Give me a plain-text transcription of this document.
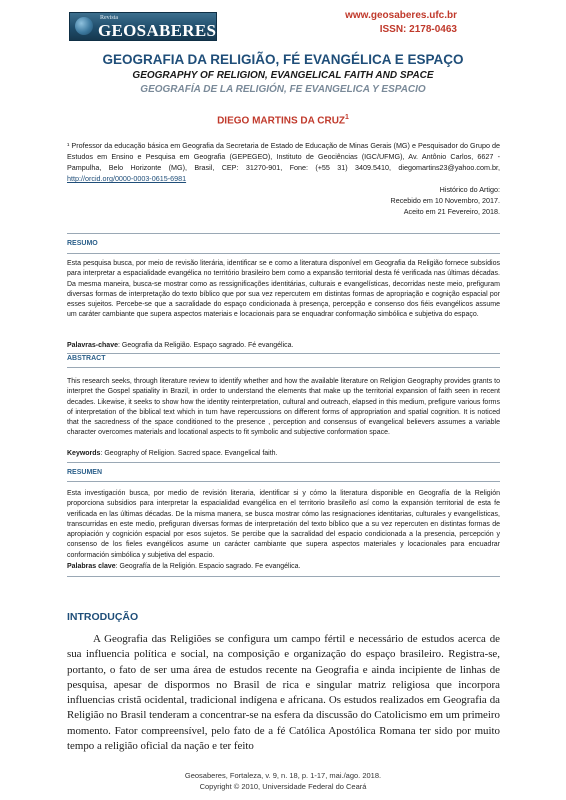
Revista
GEOSABERES
www.geosaberes.ufc.br
ISSN: 2178-0463
GEOGRAFIA DA RELIGIÃO, FÉ EVANGÉLICA E ESPAÇO
GEOGRAPHY OF RELIGION, EVANGELICAL FAITH AND SPACE
GEOGRAFÍA DE LA RELIGIÓN, FE EVANGELICA Y ESPACIO
DIEGO MARTINS DA CRUZ$^1$
¹ Professor da educação básica em Geografia da Secretaria de Estado de Educação de Minas Gerais (MG) e Pesquisador do Grupo de Estudos em Ensino e Pesquisa em Geografia (GEPEGEO), Instituto de Geociências (IGC/UFMG), Av. Antônio Carlos, 6627 - Pampulha, Belo Horizonte (MG), Brasil, CEP: 31270-901, Fone: (+55 31) 3409.5410, diegomartins23@yahoo.com.br, http://orcid.org/0000-0003-0615-6981
Histórico do Artigo:
Recebido em 10 Novembro, 2017.
Aceito em 21 Fevereiro, 2018.
RESUMO
Esta pesquisa busca, por meio de revisão literária, identificar se e como a literatura disponível em Geografia da Religião fornece subsídios para interpretar a espacialidade evangélica no território brasileiro bem como a expansão territorial desta fé verificada nas últimas décadas. Da mesma maneira, busca-se mostrar como as ressignificações identitárias, culturais e evangelísticas, decorridas neste meio, prefiguram diversas formas de interpretação do texto bíblico que por sua vez repercutem em distintas formas de apropriação e cognição espacial por esses sujeitos. Percebe-se que a sacralidade do espaço condicionada à presença, percepção e consenso dos fiéis evangélicos assume um caráter cambiante que supera aspectos materiais e locacionais para se enquadrar conformação simbólica e subjetiva do espaço.
Palavras-chave: Geografia da Religião. Espaço sagrado. Fé evangélica.
ABSTRACT
This research seeks, through literature review to identify whether and how the available literature on Religion Geography provides grants to interpret the Gospel spatiality in Brazil, in order to understand the elements that make up the territorial expansion of faith seen in recent decades. Likewise, it seeks to show how the identity reinterpretation, cultural and outreach, elapsed in this medium, prefigure various forms of interpretation of the biblical text which in turn have repercussions on different forms of appropriation and spatial cognition. It is noticed that the sacredness of the space conditioned to the presence , perception and consensus of evangelical believers assumes a variable character overcomes materials and locational aspects to fit symbolic and subjective conformation space.
Keywords: Geography of Religion. Sacred space. Evangelical faith.
RESUMEN
Esta investigación busca, por medio de revisión literaria, identificar si y cómo la literatura disponible en Geografía de la Religión proporciona subsidios para interpretar la espacialidad evangélica en el territorio brasileño así como la expansión territorial de esta fe verificada en las últimas décadas. De la misma manera, se busca mostrar cómo las resignaciones identitarias, culturales y evangelísticas, transcurridas en este medio, prefiguran diversas formas de interpretación del texto bíblico que a su vez repercuten en distintas formas de apropiación y cognición espacial por esos sujetos. Se percibe que la sacralidad del espacio condicionada a la presencia, percepción y consenso de los fieles evangélicos asume un carácter cambiante que supera aspectos materiales y locacionales para encuadrar conformación simbólica y subjetiva del espacio.
Palabras clave: Geografía de la Religión. Espacio sagrado. Fe evangélica.
INTRODUÇÃO
A Geografia das Religiões se configura um campo fértil e necessário de estudos acerca de sua influencia política e social, na composição e organização do espaço brasileiro. Registra-se, portanto, o fato de ser uma área de estudos recente na Geografia e ainda incipiente de linhas de pesquisa, apesar de dispormos no Brasil de rica e singular matriz religiosa que incorpora influencias cristã ocidental, tradicional indígena e africana. Os estudos realizados em Geografia da Religião no Brasil tenderam a concentrar-se na esfera da discussão do Catolicismo em um primeiro momento. Fator compreensível, pelo fato de a fé Católica Apostólica Romana ter sido por muito tempo a religião oficial da nação e ter feito
Geosaberes, Fortaleza, v. 9, n. 18, p. 1-17, mai./ago. 2018.
Copyright © 2010, Universidade Federal do Ceará
